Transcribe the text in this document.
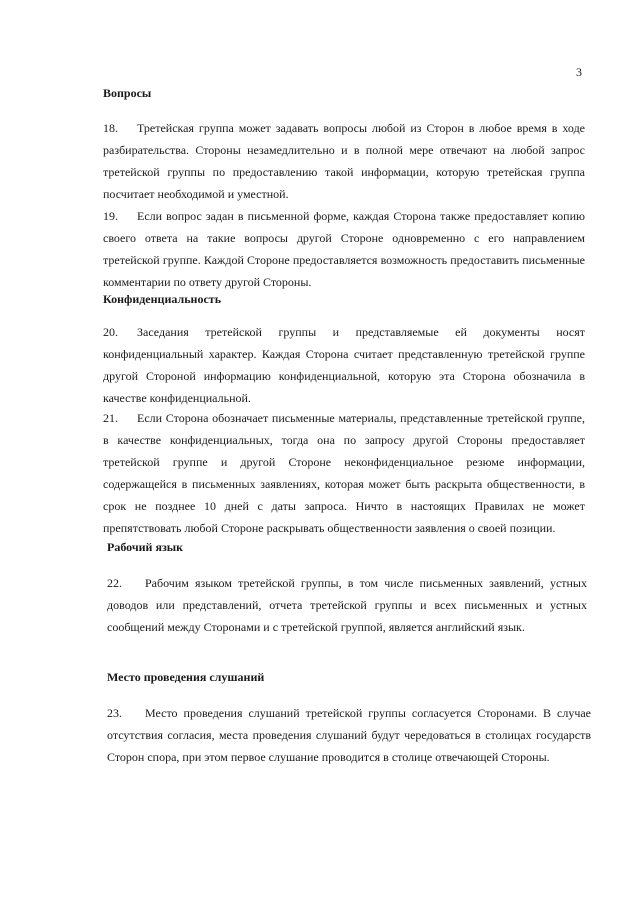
3
Вопросы

18. Третейская группа может задавать вопросы любой из Сторон в любое время в ходе разбирательства. Стороны незамедлительно и в полной мере отвечают на любой запрос третейской группы по предоставлению такой информации, которую третейская группа посчитает необходимой и уместной.

19. Если вопрос задан в письменной форме, каждая Сторона также предоставляет копию своего ответа на такие вопросы другой Стороне одновременно с его направлением третейской группе. Каждой Стороне предоставляется возможность предоставить письменные комментарии по ответу другой Стороны.

Конфиденциальность

20. Заседания третейской группы и представляемые ей документы носят конфиденциальный характер. Каждая Сторона считает представленную третейской группе другой Стороной информацию конфиденциальной, которую эта Сторона обозначила в качестве конфиденциальной.

21. Если Сторона обозначает письменные материалы, представленные третейской группе, в качестве конфиденциальных, тогда она по запросу другой Стороны предоставляет третейской группе и другой Стороне неконфиденциальное резюме информации, содержащейся в письменных заявлениях, которая может быть раскрыта общественности, в срок не позднее 10 дней с даты запроса. Ничто в настоящих Правилах не может препятствовать любой Стороне раскрывать общественности заявления о своей позиции.

Рабочий язык

22. Рабочим языком третейской группы, в том числе письменных заявлений, устных доводов или представлений, отчета третейской группы и всех письменных и устных сообщений между Сторонами и с третейской группой, является английский язык.

Место проведения слушаний

23. Место проведения слушаний третейской группы согласуется Сторонами. В случае отсутствия согласия, места проведения слушаний будут чередоваться в столицах государств Сторон спора, при этом первое слушание проводится в столице отвечающей Стороны.
